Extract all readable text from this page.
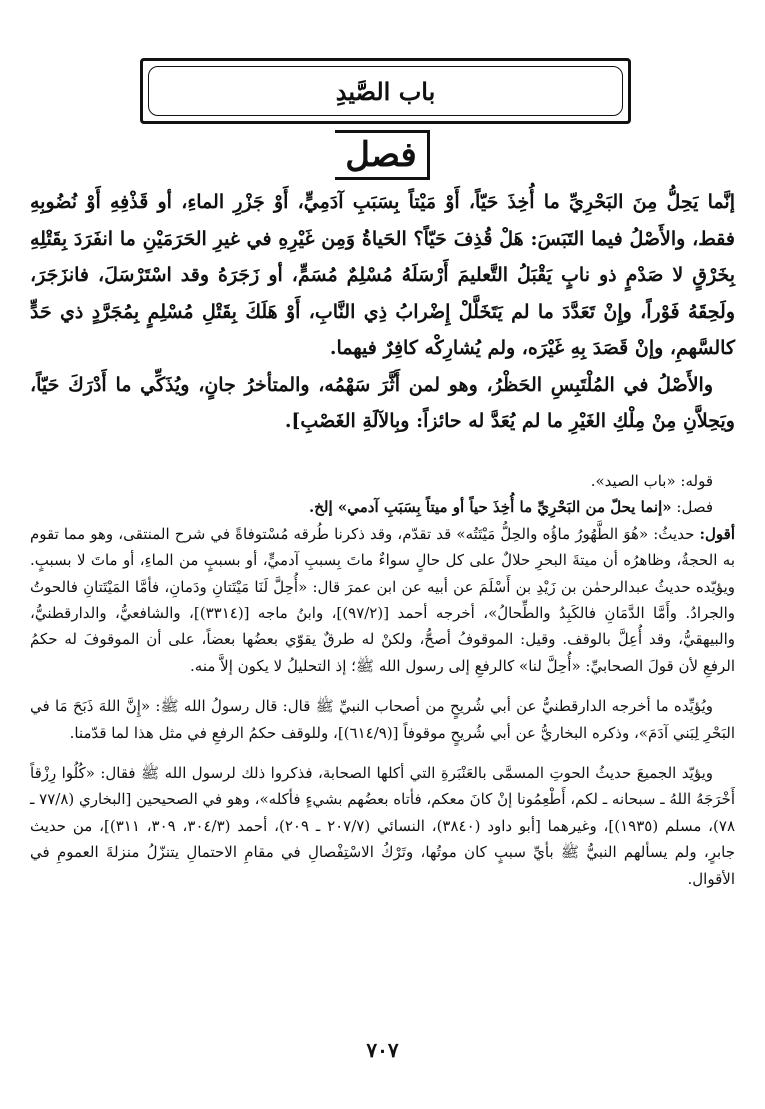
باب الصَّيدِ
فصل

إنَّما يَحِلُّ مِنَ البَحْرِيِّ ما أُخِذَ حَيّاً، أَوْ مَيْتاً بِسَبَبِ آدَمِيٍّ، أَوْ جَزْرِ الماءِ، أو قَذْفِهِ أَوْ نُضُوبِهِ فقط، والأَصْلُ فيما التَبَسَ: هَلْ قُذِفَ حَيّاً؟ الحَياةُ وَمِن غَيْرِهِ في غيرِ الحَرَمَيْنِ ما انفَرَدَ بِقَتْلِهِ بِخَرْقٍ لا صَدْمٍ ذو نابٍ يَقْبَلُ التَّعليمَ أَرْسَلَهُ مُسْلِمٌ مُسَمٍّ، أو زَجَرَهُ وقد اسْتَرْسَلَ، فانزَجَرَ، ولَحِقَهُ فَوْراً، وإِنْ تَعَدَّدَ ما لم يَتَخَلَّلْ إِضْرابُ ذِي النَّابِ، أَوْ هَلَكَ بِقَتْلِ مُسْلِمٍ بِمُجَرَّدٍ ذي حَدٍّ كالسَّهمِ، وإنْ قَصَدَ بِهِ غَيْرَه، ولم يُشارِكْه كافِرٌ فيهما.

والأَصْلُ في المُلْتَبِسِ الحَظْرُ، وهو لمن أَثَّرَ سَهْمُه، والمتأخرُ جانٍ، ويُذَكِّي ما أَدْرَكَ حَيّاً، ويَحِلاَّنِ مِنْ مِلْكِ الغَيْرِ ما لم يُعَدَّ له حائزاً: وبِالآلَةِ الغَصْبِ].

قوله: «باب الصيد».

فصل: «إنما يحلّ من البَحْرِيِّ ما أُخِذَ حياً أو ميتاً بِسَبَبِ آدمي» إلخ.

أقول: حديثُ: «هُوَ الطَّهُورُ ماؤُه والحِلُّ مَيْتَتُه» قد تقدّم، وقد ذكرنا طُرقه مُسْتوفاةً في شرح المنتقى، وهو مما تقوم به الحجةُ، وظاهرُه أن ميتةَ البحرِ حلالٌ على كل حالٍ سواءٌ ماتَ بِسببِ آدميٍّ، أو بسببٍ من الماءِ، أو ماتَ لا بسببٍ. ويؤيّده حديثُ عبدالرحمٰن بن زَيْدِ بن أَسْلَمَ عن أبيه عن ابن عمرَ قال: «أُحِلَّ لَنَا مَيْتَتانِ ودَمانِ، فأمَّا المَيْتَتانِ فالحوتُ والجرادُ. وأَمَّا الدَّمَانِ فالكَبِدُ والطِّحالُ»، أخرجه أحمد [(٩٧/٢)]، وابنُ ماجه [(٣٣١٤)]، والشافعيُّ، والدارقطنيُّ، والبيهقيُّ، وقد أُعِلَّ بالوقف. وقيل: الموقوفُ أصحُّ، ولكنْ له طرقٌ يقوّي بعضُها بعضاً، على أن الموقوفَ له حكمُ الرفعِ لأن قولَ الصحابيِّ: «أُحِلَّ لنا» كالرفعِ إلى رسول الله ﷺ؛ إذ التحليلُ لا يكون إلاَّ منه.

ويُؤيِّده ما أخرجه الدارقطنيُّ عن أبي شُريحٍ من أصحاب النبيِّ ﷺ قال: قال رسولُ الله ﷺ: «إِنَّ اللهَ ذَبَحَ مَا في البَحْرِ لِبَني آدَمَ»، وذكره البخاريُّ عن أبي شُريحٍ موقوفاً [(٦١٤/٩)]، وللوقف حكمُ الرفعِ في مثل هذا لما قدّمنا.

ويؤيّد الجميعَ حديثُ الحوتِ المسمَّى بالعَنْبَرةِ التي أكلها الصحابة، فذكروا ذلك لرسول الله ﷺ فقال: «كُلُوا رِزْقاً أَخْرَجَهُ اللهُ ـ سبحانه ـ لكم، أَطْعِمُونا إنْ كانَ معكم، فأتاه بعضُهم بشيءٍ فأكله»، وهو في الصحيحين [البخاري (٧٧/٨ ـ ٧٨)، مسلم (١٩٣٥)]، وغيرهما [أبو داود (٣٨٤٠)، النسائي (٢٠٧/٧ ـ ٢٠٩)، أحمد (٣٠٤/٣، ٣٠٩، ٣١١)]، من حديث جابرٍ، ولم يسألهم النبيُّ ﷺ بأيِّ سببٍ كان موتُها، وتَرْكُ الاسْتِفْصالِ في مقامِ الاحتمالِ يتنزّلُ منزلةَ العمومِ في الأقوال.

٧٠٧
